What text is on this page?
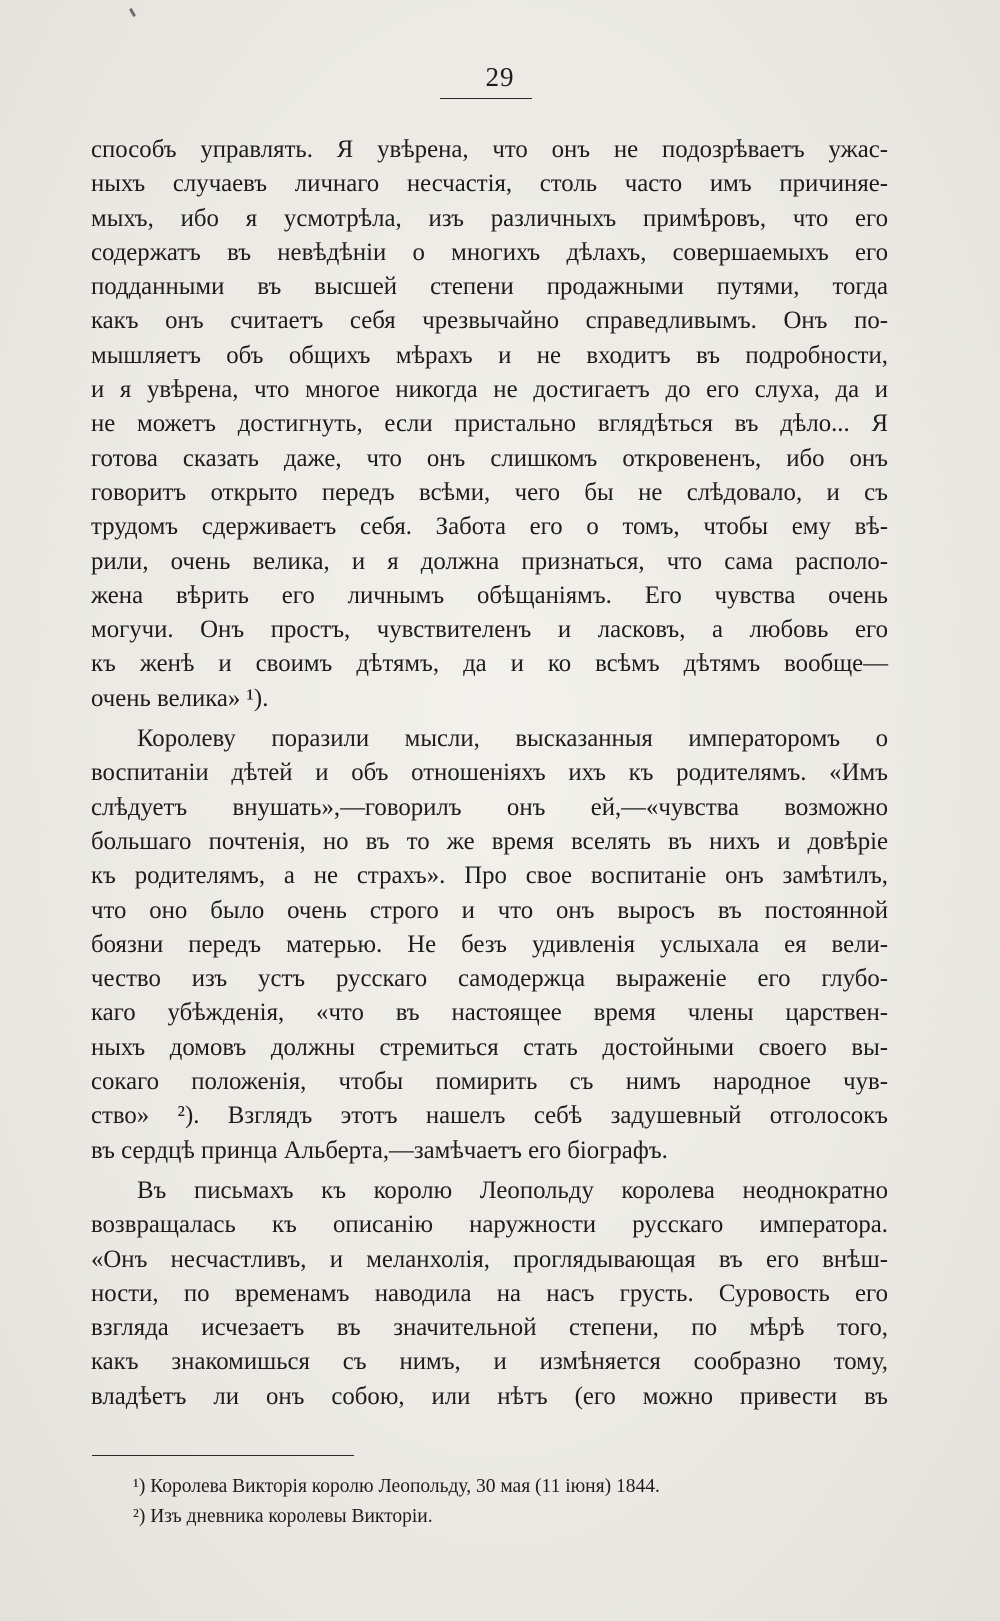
29
способъ управлять. Я увѣрена, что онъ не подозрѣваетъ ужас-
ныхъ случаевъ личнаго несчастія, столь часто имъ причиняе-
мыхъ, ибо я усмотрѣла, изъ различныхъ примѣровъ, что его
содержатъ въ невѣдѣніи о многихъ дѣлахъ, совершаемыхъ его
подданными въ высшей степени продажными путями, тогда
какъ онъ считаетъ себя чрезвычайно справедливымъ. Онъ по-
мышляетъ объ общихъ мѣрахъ и не входитъ въ подробности,
и я увѣрена, что многое никогда не достигаетъ до его слуха, да и
не можетъ достигнуть, если пристально вглядѣться въ дѣло... Я
готова сказать даже, что онъ слишкомъ откровененъ, ибо онъ
говоритъ открыто передъ всѣми, чего бы не слѣдовало, и съ
трудомъ сдерживаетъ себя. Забота его о томъ, чтобы ему вѣ-
рили, очень велика, и я должна признаться, что сама располо-
жена вѣрить его личнымъ обѣщаніямъ. Его чувства очень
могучи. Онъ простъ, чувствителенъ и ласковъ, а любовь его
къ женѣ и своимъ дѣтямъ, да и ко всѣмъ дѣтямъ вообще—
очень велика» ¹).
Королеву поразили мысли, высказанныя императоромъ о
воспитаніи дѣтей и объ отношеніяхъ ихъ къ родителямъ. «Имъ
слѣдуетъ внушать»,—говорилъ онъ ей,—«чувства возможно
большаго почтенія, но въ то же время вселять въ нихъ и довѣріе
къ родителямъ, а не страхъ». Про свое воспитаніе онъ замѣтилъ,
что оно было очень строго и что онъ выросъ въ постоянной
боязни передъ матерью. Не безъ удивленія услыхала ея вели-
чество изъ устъ русскаго самодержца выраженіе его глубо-
каго убѣжденія, «что въ настоящее время члены царствен-
ныхъ домовъ должны стремиться стать достойными своего вы-
сокаго положенія, чтобы помирить съ нимъ народное чув-
ство» ²). Взглядъ этотъ нашелъ себѣ задушевный отголосокъ
въ сердцѣ принца Альберта,—замѣчаетъ его біографъ.
Въ письмахъ къ королю Леопольду королева неоднократно
возвращалась къ описанію наружности русскаго императора.
«Онъ несчастливъ, и меланхолія, проглядывающая въ его внѣш-
ности, по временамъ наводила на насъ грусть. Суровость его
взгляда исчезаетъ въ значительной степени, по мѣрѣ того,
какъ знакомишься съ нимъ, и измѣняется сообразно тому,
владѣетъ ли онъ собою, или нѣтъ (его можно привести въ
¹) Королева Викторія королю Леопольду, 30 мая (11 іюня) 1844.
²) Изъ дневника королевы Викторіи.
